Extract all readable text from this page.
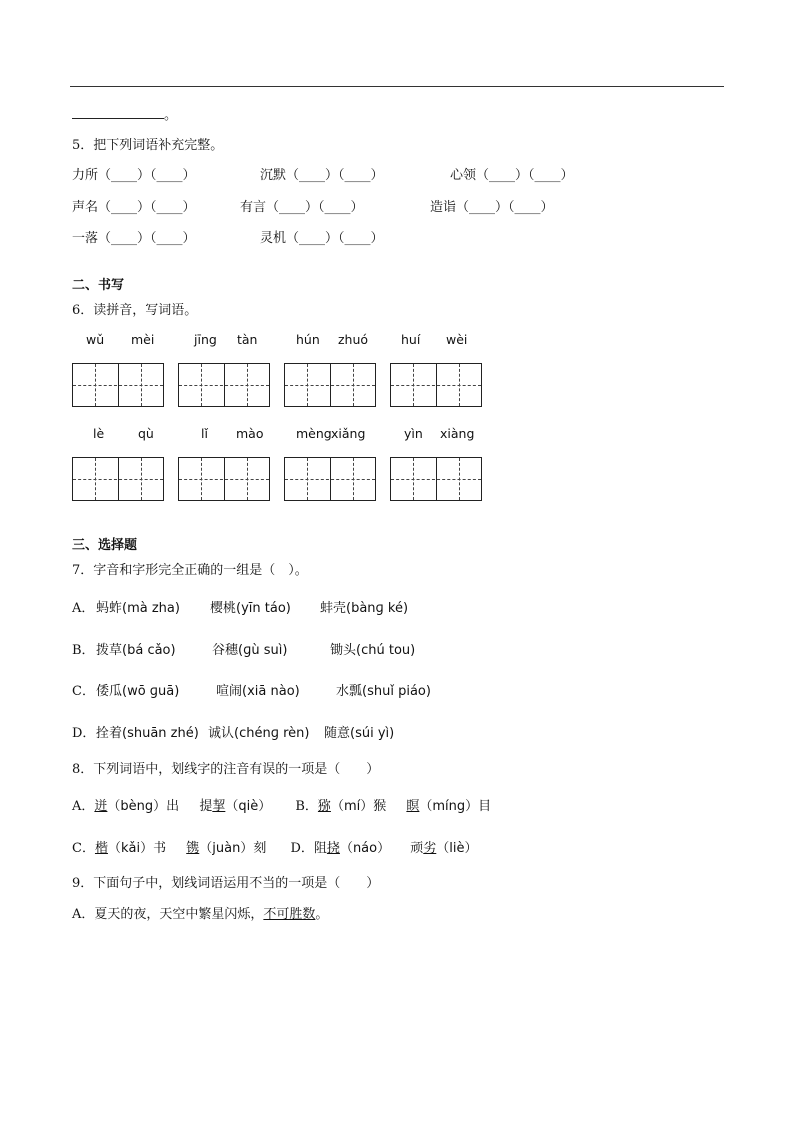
。
5．把下列词语补充完整。
力所（____）（____）	沉默（____）（____）	心领（____）（____）
声名（____）（____）	有言（____）（____）	造诣（____）（____）
一落（____）（____）	灵机（____）（____）
二、书写
6．读拼音，写词语。
wǔ mèi	jīng tàn	hún zhuó	huí wèi
lè	qù	lǐ mào	mèng xiǎng	yìn xiàng
三、选择题
7．字音和字形完全正确的一组是（　）。
A． 蚂蚱(mà zha) 樱桃(yīn táo) 蚌壳(bànɡ ké)
B． 拨草(bá cǎo)	谷穗(ɡù suì)	锄头(chú tou)
C． 倭瓜(wō ɡuā)	喧闹(xiā nào)	水瓢(shuǐ piáo)
D． 拴着(shuān zhé) 诚认(chénɡ rèn) 随意(súi yì)
8．下列词语中，划线字的注音有误的一项是（　　）
A．迸（bèng）出 提挈（qiè） B．猕（mí）猴 瞑（míng）目
C．楷（kǎi）书 镌（juàn）刻 D．阻挠（náo） 顽劣（liè）
9．下面句子中，划线词语运用不当的一项是（　　）
A．夏天的夜，天空中繁星闪烁，不可胜数。
